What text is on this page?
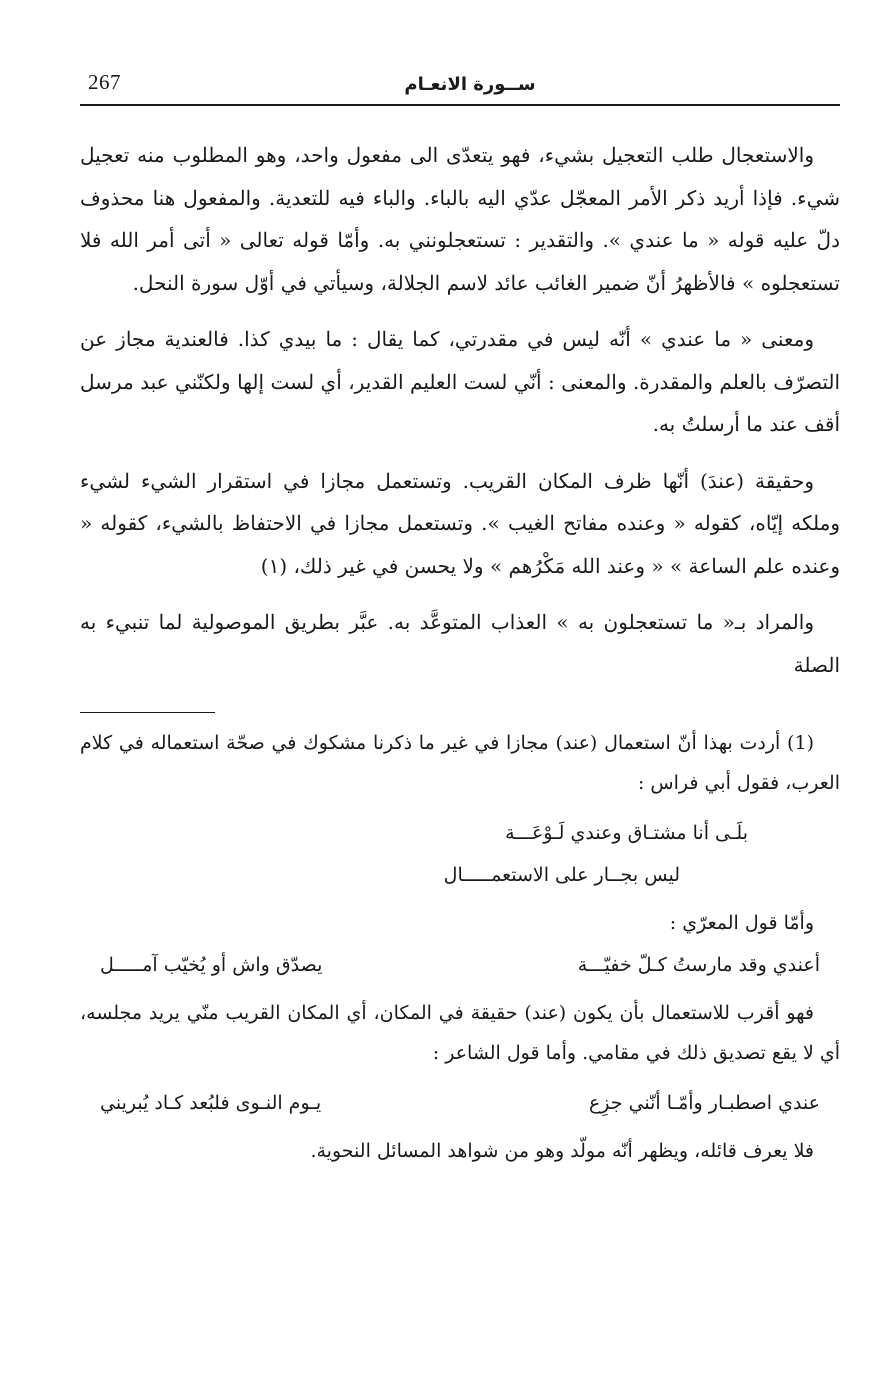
267	ســورة الانعـام

والاستعجال طلب التعجيل بشيء، فهو يتعدّى الى مفعول واحد، وهو المطلوب منه تعجيل شيء. فإذا أريد ذكر الأمر المعجّل عدّي اليه بالباء. والباء فيه للتعدية. والمفعول هنا محذوف دلّ عليه قوله « ما عندي ». والتقدير : تستعجلونني به. وأمّا قوله تعالى « أتى أمر الله فلا تستعجلوه » فالأظهرُ أنّ ضمير الغائب عائد لاسم الجلالة، وسيأتي في أوّل سورة النحل.

ومعنى « ما عندي » أنّه ليس في مقدرتي، كما يقال : ما بيدي كذا. فالعندية مجاز عن التصرّف بالعلم والمقدرة. والمعنى : أنّي لست العليم القدير، أي لست إلها ولكنّني عبد مرسل أقف عند ما أرسلتُ به.

وحقيقة (عندَ) أنّها ظرف المكان القريب. وتستعمل مجازا في استقرار الشيء لشيء وملكه إيّاه، كقوله « وعنده مفاتح الغيب ». وتستعمل مجازا في الاحتفاظ بالشيء، كقوله « وعنده علم الساعة » « وعند الله مَكْرُهم » ولا يحسن في غير ذلك، (١)

والمراد بـ« ما تستعجلون به » العذاب المتوعَّد به. عبَّر بطريق الموصولية لما تنبيء به الصلة

(1) أردت بهذا أنّ استعمال (عند) مجازا في غير ما ذكرنا مشكوك في صحّة استعماله في كلام العرب، فقول أبي فراس :

بلَـى أنا مشتـاق وعندي لَـوْعَـــة
ليس بجــار على الاستعمـــــال

وأمّا قول المعرّي :

أعندي وقد مارستُ كـلّ خفيّـــة
يصدّق واش أو يُخيّب آمـــــل

فهو أقرب للاستعمال بأن يكون (عند) حقيقة في المكان، أي المكان القريب منّي يريد مجلسه، أي لا يقع تصديق ذلك في مقامي. وأما قول الشاعر :

عندي اصطبـار وأمّـا أنّني جزِع
يـوم النـوى فلبُعد كـاد يُبريني

فلا يعرف قائله، ويظهر أنّه مولّد وهو من شواهد المسائل النحوية.
